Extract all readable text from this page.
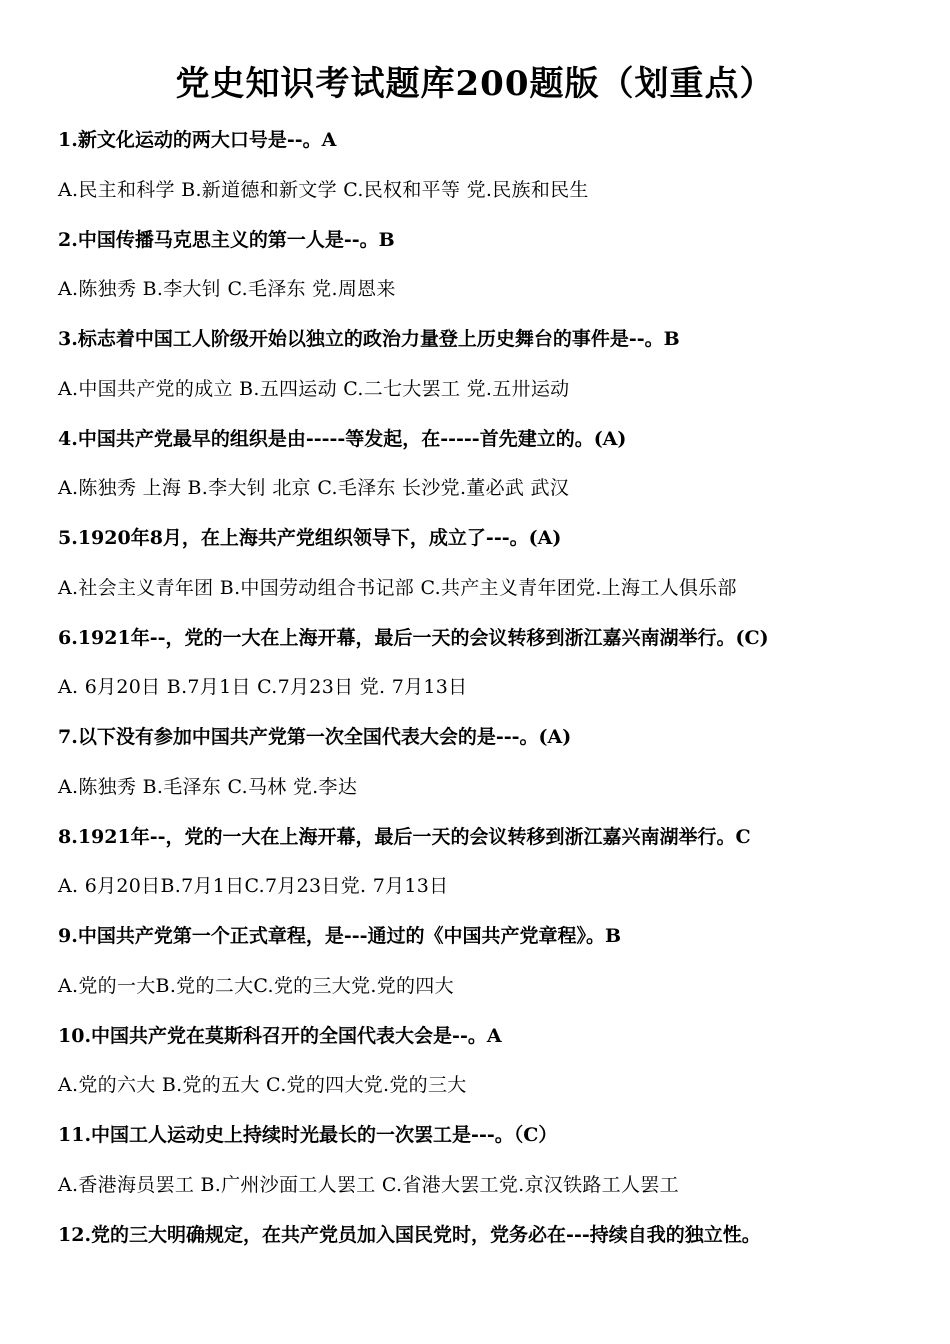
党史知识考试题库200题版（划重点）
1.新文化运动的两大口号是--。A
A.民主和科学 B.新道德和新文学 C.民权和平等 党.民族和民生
2.中国传播马克思主义的第一人是--。B
A.陈独秀 B.李大钊 C.毛泽东 党.周恩来
3.标志着中国工人阶级开始以独立的政治力量登上历史舞台的事件是--。B
A.中国共产党的成立 B.五四运动 C.二七大罢工 党.五卅运动
4.中国共产党最早的组织是由-----等发起，在-----首先建立的。(A)
A.陈独秀 上海 B.李大钊 北京 C.毛泽东 长沙党.董必武 武汉
5.1920年8月，在上海共产党组织领导下，成立了---。(A)
A.社会主义青年团 B.中国劳动组合书记部 C.共产主义青年团党.上海工人俱乐部
6.1921年--，党的一大在上海开幕，最后一天的会议转移到浙江嘉兴南湖举行。(C)
A. 6月20日 B.7月1日 C.7月23日 党. 7月13日
7.以下没有参加中国共产党第一次全国代表大会的是---。(A)
A.陈独秀 B.毛泽东 C.马林 党.李达
8.1921年--，党的一大在上海开幕，最后一天的会议转移到浙江嘉兴南湖举行。C
A. 6月20日B.7月1日C.7月23日党. 7月13日
9.中国共产党第一个正式章程，是---通过的《中国共产党章程》。B
A.党的一大B.党的二大C.党的三大党.党的四大
10.中国共产党在莫斯科召开的全国代表大会是--。A
A.党的六大 B.党的五大 C.党的四大党.党的三大
11.中国工人运动史上持续时光最长的一次罢工是---。（C）
A.香港海员罢工 B.广州沙面工人罢工 C.省港大罢工党.京汉铁路工人罢工
12.党的三大明确规定，在共产党员加入国民党时，党务必在---持续自我的独立性。
